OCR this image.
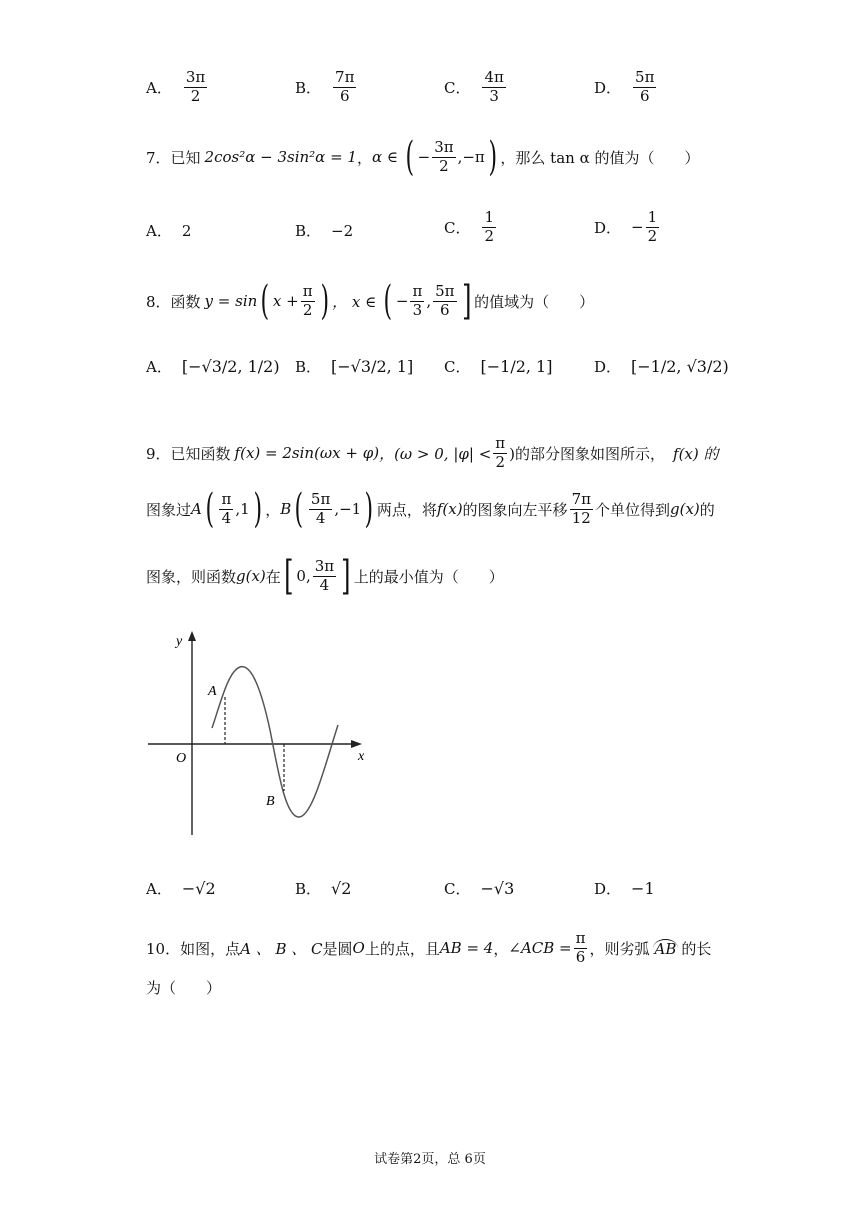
A． $\frac{3\pi}{2}$	B． $\frac{7\pi}{6}$	C． $\frac{4\pi}{3}$	D． $\frac{5\pi}{6}$
7．已知 2cos²α − 3sin²α = 1 ， α ∈ ( − $\frac{3\pi}{2} ,-\pi$ ) ，那么 tan α 的值为（　　）
A． 2	B． −2	C． $\frac{1}{2}$	D． − $\frac{1}{2}$
8．函数 y = sin ( $x + \frac{\pi}{2}$ ) ， x ∈ ( − $\frac{\pi}{3}$ , $\frac{5\pi}{6}$ ] 的值域为（　　）
A． [−√3/2, 1/2) B． [−√3/2, 1] C． [−1/2, 1]	D． [−1/2, √3/2)
9．已知函数 f(x) = 2sin(ωx + φ) ，(ω > 0, $|\varphi| < \frac{\pi}{2}$ )的部分图象如图所示， f(x) 的
图象过 A ( $\frac{\pi}{4} ,1$ ) ， B ( $\frac{5\pi}{4} ,-1$ ) 两点，将 f(x) 的图象向左平移 $\frac{7\pi}{12}$ 个单位得到 g(x) 的
图象，则函数 g(x) 在 [ 0, $\frac{3\pi}{4}$ ] 上的最小值为（　　）
y
x
O
A
B
A． −√2	B． √2	C． −√3	D． −1
10．如图，点 A 、 B 、 C 是圆 O 上的点，且 AB = 4 ， ∠ACB = $\frac{\pi}{6}$ ，则劣弧 AB 的长
为（　　）
试卷第2页，总 6页
